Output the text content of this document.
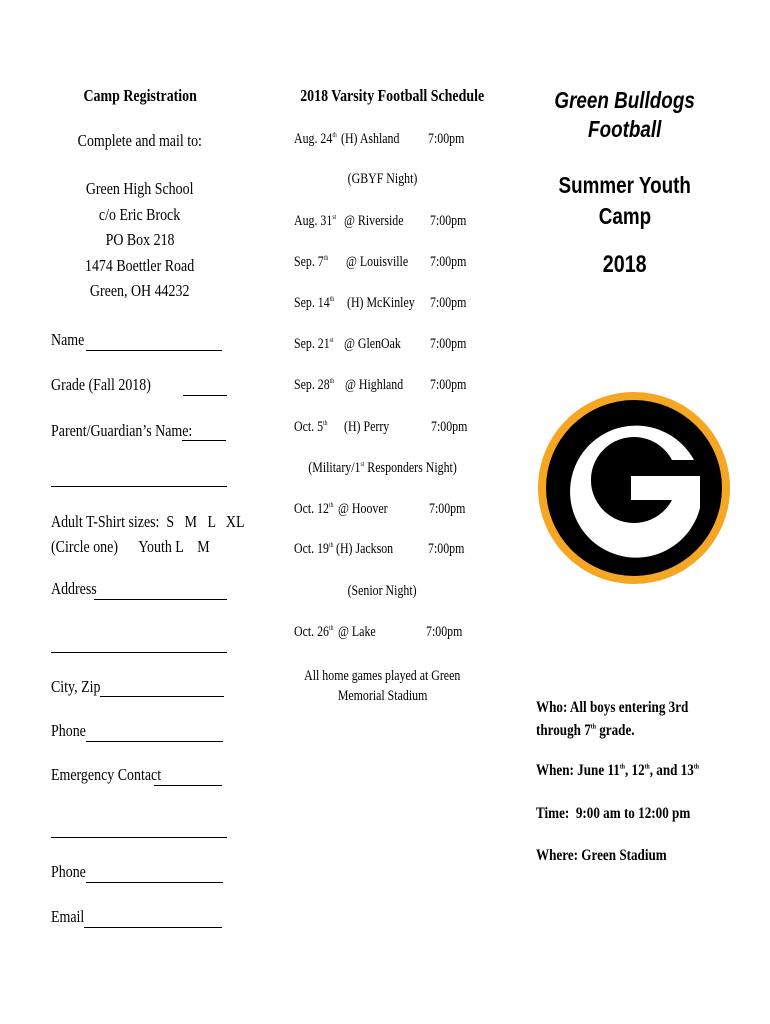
Camp Registration
Complete and mail to:
Green High School
c/o Eric Brock
PO Box 218
1474 Boettler Road
Green, OH 44232
Name
Grade (Fall 2018)
Parent/Guardian’s Name:
Adult T-Shirt sizes:  S   M   L   XL
(Circle one)      Youth L    M
Address
City, Zip
Phone
Emergency Contact
Phone
Email
2018 Varsity Football Schedule
Aug. 24th (H) Ashland 7:00pm
Aug. 31st @ Riverside 7:00pm
Sep. 7th @ Louisville 7:00pm
Sep. 14th (H) McKinley 7:00pm
Sep. 21st @ GlenOak 7:00pm
Sep. 28th @ Highland 7:00pm
Oct. 5th (H) Perry	7:00pm
Oct. 12th @ Hoover	7:00pm
Oct. 19th (H) Jackson 7:00pm
Oct. 26th @ Lake	7:00pm
(GBYF Night)
(Military/1st Responders Night)
(Senior Night)
All home games played at Green
Memorial Stadium
Green Bulldogs
Football
Summer Youth
Camp
2018
Who: All boys entering 3rd
through 7th grade.
When: June 11th, 12th, and 13th
Time:  9:00 am to 12:00 pm
Where: Green Stadium
